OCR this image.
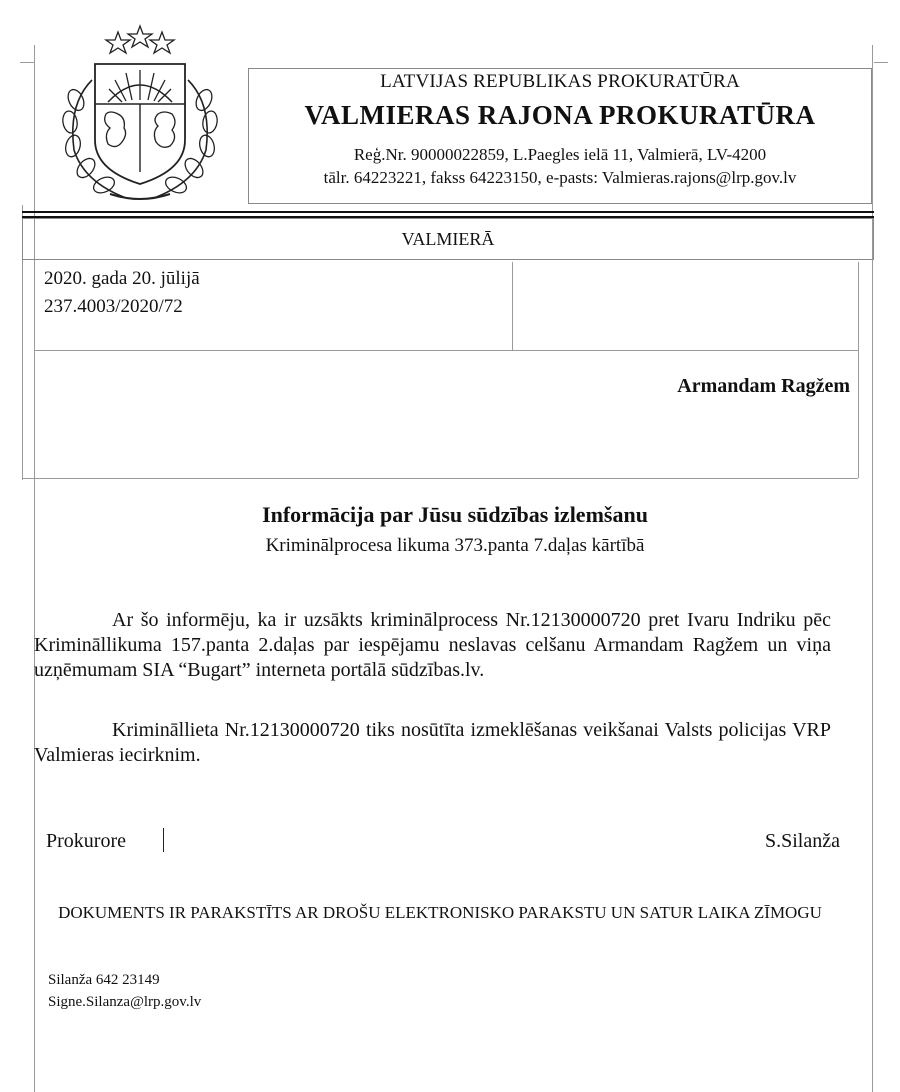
LATVIJAS REPUBLIKAS PROKURATŪRA
VALMIERAS RAJONA PROKURATŪRA
Reģ.Nr. 90000022859, L.Paegles ielā 11, Valmierā, LV-4200
tālr. 64223221, fakss 64223150, e-pasts: Valmieras.rajons@lrp.gov.lv
VALMIERĀ
2020. gada 20. jūlijā
237.4003/2020/72
Armandam Ragžem
Informācija par Jūsu sūdzības izlemšanu
Kriminālprocesa likuma 373.panta 7.daļas kārtībā
Ar šo informēju, ka ir uzsākts kriminālprocess Nr.12130000720 pret Ivaru Indriku pēc Krimināllikuma 157.panta 2.daļas par iespējamu neslavas celšanu Armandam Ragžem un viņa uzņēmumam SIA “Bugart” interneta portālā sūdzības.lv.
Krimināllieta Nr.12130000720 tiks nosūtīta izmeklēšanas veikšanai Valsts policijas VRP Valmieras iecirknim.
Prokurore	S.Silanža
DOKUMENTS IR PARAKSTĪTS AR DROŠU ELEKTRONISKO PARAKSTU UN SATUR LAIKA ZĪMOGU
Silanža 642 23149
Signe.Silanza@lrp.gov.lv
